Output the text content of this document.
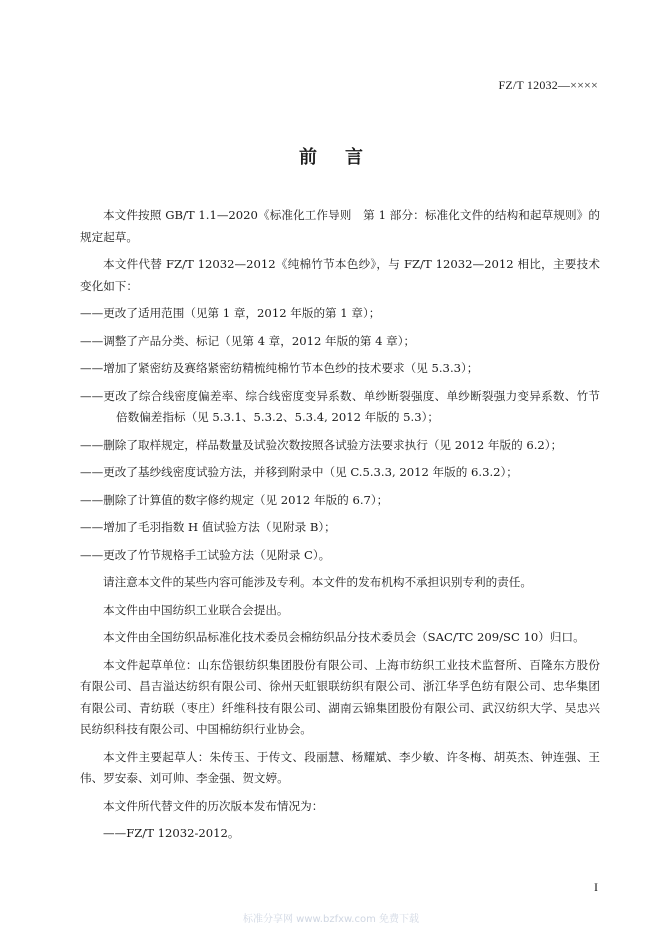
FZ/T 12032—××××
前言

本文件按照 GB/T 1.1—2020《标准化工作导则　第 1 部分：标准化文件的结构和起草规则》的规定起草。

本文件代替 FZ/T 12032—2012《纯棉竹节本色纱》，与 FZ/T 12032—2012 相比，主要技术变化如下：

——更改了适用范围（见第 1 章，2012 年版的第 1 章）；

——调整了产品分类、标记（见第 4 章，2012 年版的第 4 章）；

——增加了紧密纺及赛络紧密纺精梳纯棉竹节本色纱的技术要求（见 5.3.3）；

——更改了综合线密度偏差率、综合线密度变异系数、单纱断裂强度、单纱断裂强力变异系数、竹节倍数偏差指标（见 5.3.1、5.3.2、5.3.4, 2012 年版的 5.3）；

——删除了取样规定，样品数量及试验次数按照各试验方法要求执行（见 2012 年版的 6.2）；

——更改了基纱线密度试验方法，并移到附录中（见 C.5.3.3, 2012 年版的 6.3.2）；

——删除了计算值的数字修约规定（见 2012 年版的 6.7）；

——增加了毛羽指数 H 值试验方法（见附录 B）；

——更改了竹节规格手工试验方法（见附录 C）。

请注意本文件的某些内容可能涉及专利。本文件的发布机构不承担识别专利的责任。

本文件由中国纺织工业联合会提出。

本文件由全国纺织品标准化技术委员会棉纺织品分技术委员会（SAC/TC 209/SC 10）归口。

本文件起草单位：山东岱银纺织集团股份有限公司、上海市纺织工业技术监督所、百隆东方股份有限公司、昌吉溢达纺织有限公司、徐州天虹银联纺织有限公司、浙江华孚色纺有限公司、忠华集团有限公司、青纺联（枣庄）纤维科技有限公司、湖南云锦集团股份有限公司、武汉纺织大学、吴忠兴民纺织科技有限公司、中国棉纺织行业协会。

本文件主要起草人：朱传玉、于传文、段丽慧、杨耀斌、李少敏、许冬梅、胡英杰、钟连强、王伟、罗安泰、刘可帅、李金强、贺文婷。

本文件所代替文件的历次版本发布情况为：

——FZ/T 12032-2012。

I
标准分享网 www.bzfxw.com 免费下载
